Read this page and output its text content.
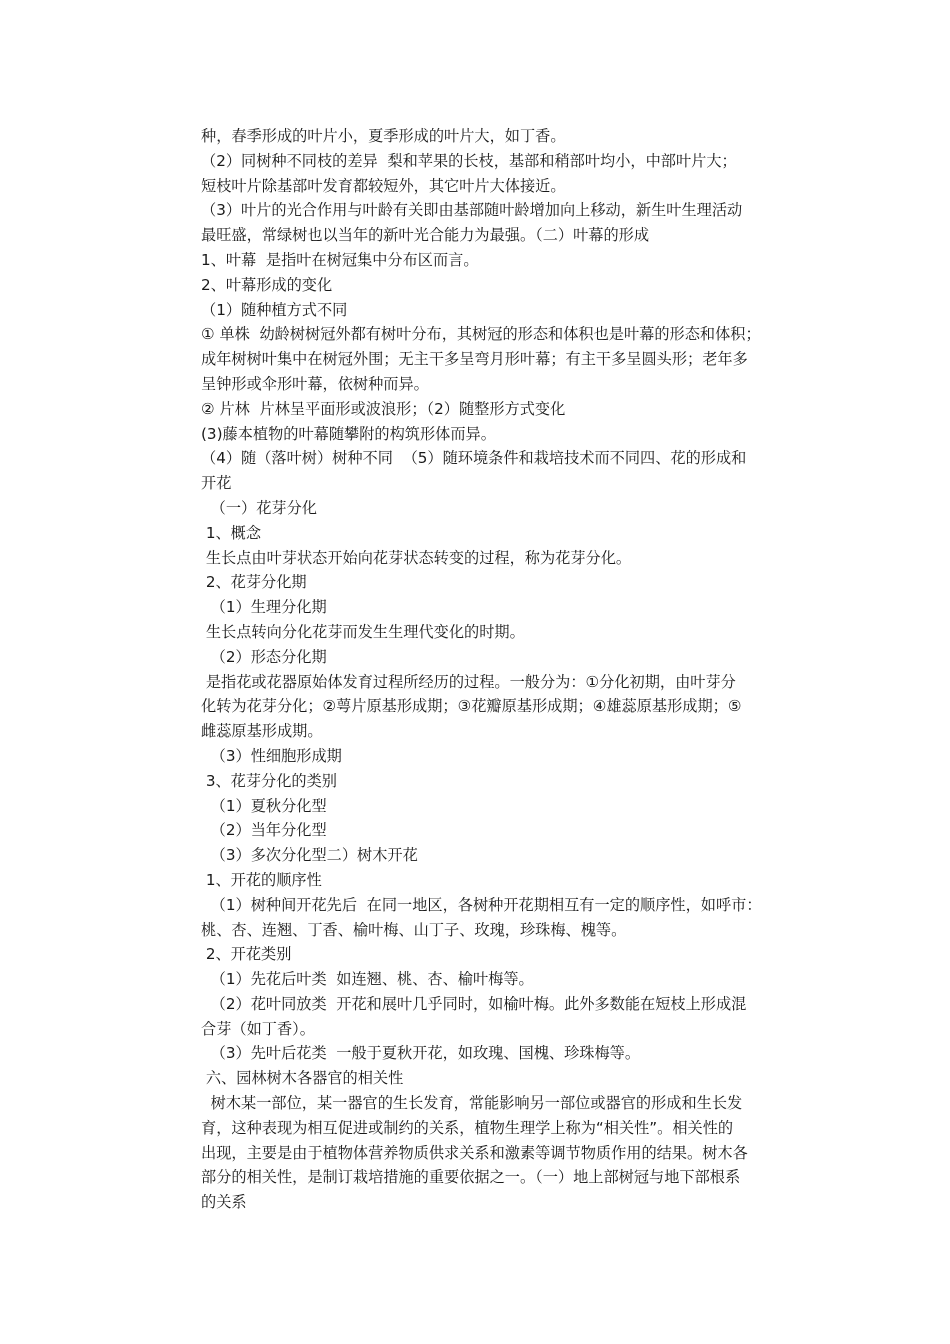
种，春季形成的叶片小，夏季形成的叶片大，如丁香。
（2）同树种不同枝的差异  梨和苹果的长枝，基部和稍部叶均小，中部叶片大；
短枝叶片除基部叶发育都较短外，其它叶片大体接近。
（3）叶片的光合作用与叶龄有关即由基部随叶龄增加向上移动，新生叶生理活动
最旺盛，常绿树也以当年的新叶光合能力为最强。（二）叶幕的形成
1、叶幕  是指叶在树冠集中分布区而言。
2、叶幕形成的变化
（1）随种植方式不同
① 单株  幼龄树树冠外都有树叶分布，其树冠的形态和体积也是叶幕的形态和体积；
成年树树叶集中在树冠外围；无主干多呈弯月形叶幕；有主干多呈圆头形；老年多
呈钟形或伞形叶幕，依树种而异。
② 片林  片林呈平面形或波浪形；（2）随整形方式变化
(3)藤本植物的叶幕随攀附的构筑形体而异。
（4）随（落叶树）树种不同  （5）随环境条件和栽培技术而不同四、花的形成和
开花
（一）花芽分化
1、概念
生长点由叶芽状态开始向花芽状态转变的过程，称为花芽分化。
2、花芽分化期
（1）生理分化期
生长点转向分化花芽而发生生理代变化的时期。
（2）形态分化期
是指花或花器原始体发育过程所经历的过程。一般分为：①分化初期，由叶芽分
化转为花芽分化；②萼片原基形成期；③花瓣原基形成期；④雄蕊原基形成期；⑤
雌蕊原基形成期。
（3）性细胞形成期
3、花芽分化的类别
（1）夏秋分化型
（2）当年分化型
（3）多次分化型二）树木开花
1、开花的顺序性
（1）树种间开花先后  在同一地区，各树种开花期相互有一定的顺序性，如呼市：
桃、杏、连翘、丁香、榆叶梅、山丁子、玫瑰，珍珠梅、槐等。
2、开花类别
（1）先花后叶类  如连翘、桃、杏、榆叶梅等。
（2）花叶同放类  开花和展叶几乎同时，如榆叶梅。此外多数能在短枝上形成混
合芽（如丁香）。
（3）先叶后花类  一般于夏秋开花，如玫瑰、国槐、珍珠梅等。
六、园林树木各器官的相关性
树木某一部位，某一器官的生长发育，常能影响另一部位或器官的形成和生长发
育，这种表现为相互促进或制约的关系，植物生理学上称为“相关性”。相关性的
出现，主要是由于植物体营养物质供求关系和激素等调节物质作用的结果。树木各
部分的相关性，是制订栽培措施的重要依据之一。（一）地上部树冠与地下部根系
的关系
